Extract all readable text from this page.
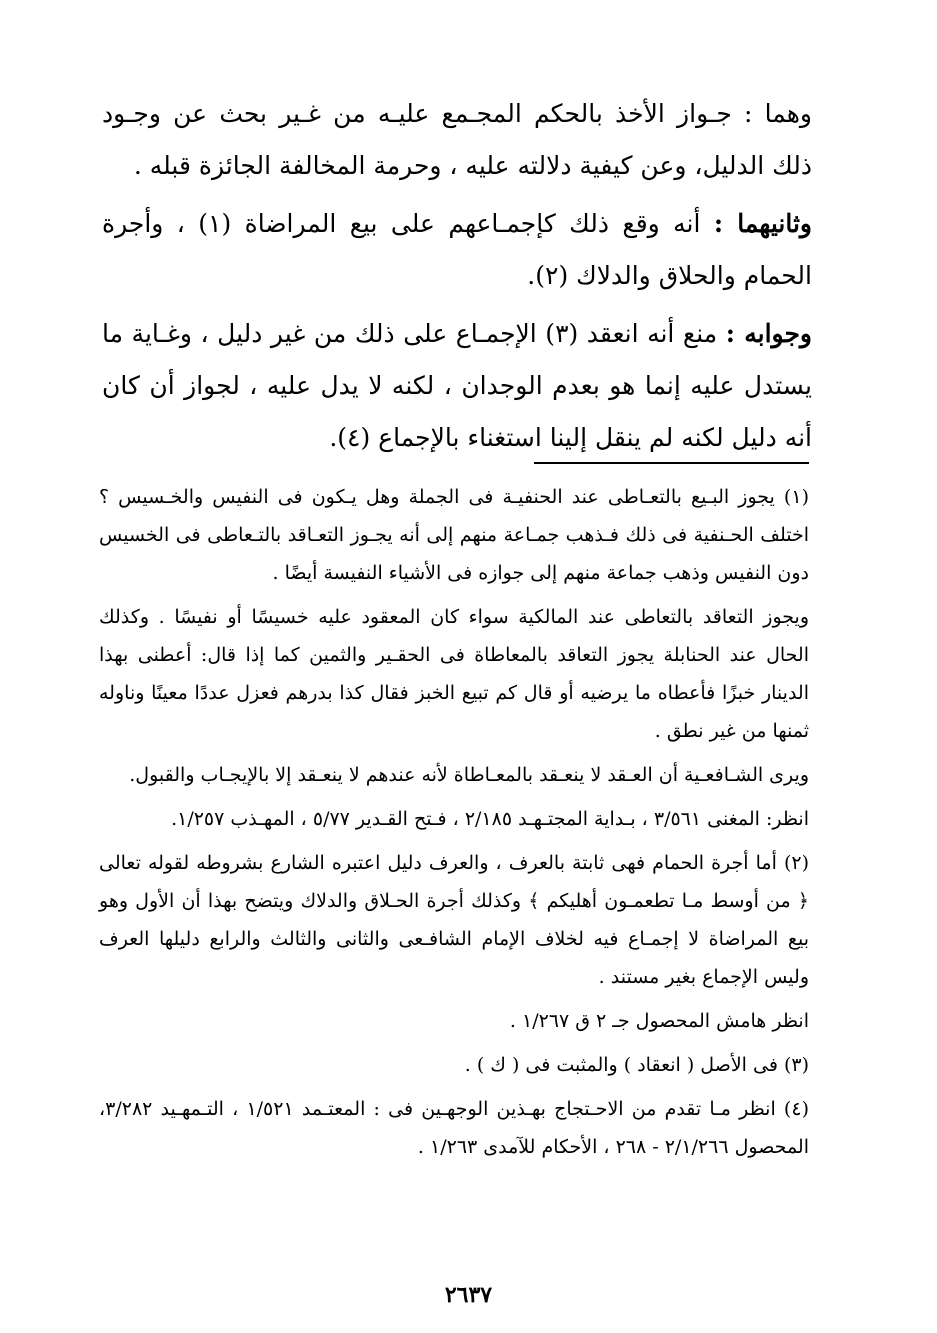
وهما : جـواز الأخذ بالحكم المجـمع عليـه من غـير بحث عن وجـود ذلك الدليل، وعن كيفية دلالته عليه ، وحرمة المخالفة الجائزة قبله .

وثانيهما : أنه وقع ذلك كإجمـاعهم على بيع المراضاة (١) ، وأجرة الحمام والحلاق والدلاك (٢).

وجوابه : منع أنه انعقد (٣) الإجمـاع على ذلك من غير دليل ، وغـاية ما يستدل عليه إنما هو بعدم الوجدان ، لكنه لا يدل عليه ، لجواز أن كان أنه دليل لكنه لم ينقل إلينا استغناء بالإجماع (٤).

(١) يجوز البـيع بالتعـاطى عند الحنفيـة فى الجملة وهل يـكون فى النفيس والخـسيس ؟ اختلف الحـنفية فى ذلك فـذهب جمـاعة منهم إلى أنه يجـوز التعـاقد بالتـعاطى فى الخسيس دون النفيس وذهب جماعة منهم إلى جوازه فى الأشياء النفيسة أيضًا .

ويجوز التعاقد بالتعاطى عند المالكية سواء كان المعقود عليه خسيسًا أو نفيسًا . وكذلك الحال عند الحنابلة يجوز التعاقد بالمعاطاة فى الحقـير والثمين كما إذا قال: أعطنى بهذا الدينار خبزًا فأعطاه ما يرضيه أو قال كم تبيع الخبز فقال كذا بدرهم فعزل عددًا معينًا وناوله ثمنها من غير نطق .

ويرى الشـافعـية أن العـقد لا ينعـقد بالمعـاطاة لأنه عندهم لا ينعـقد إلا بالإيجـاب والقبول.

انظر: المغنى ٣/٥٦١ ، بـداية المجتـهـد ٢/١٨٥ ، فـتح القـدير ٥/٧٧ ، المهـذب ١/٢٥٧.

(٢) أما أجرة الحمام فهى ثابتة بالعرف ، والعرف دليل اعتبره الشارع بشروطه لقوله تعالى ﴿ من أوسط مـا تطعمـون أهليكم ﴾ وكذلك أجرة الحـلاق والدلاك ويتضح بهذا أن الأول وهو بيع المراضاة لا إجمـاع فيه لخلاف الإمام الشافـعى والثانى والثالث والرابع دليلها العرف وليس الإجماع بغير مستند .

انظر هامش المحصول جـ ٢ ق ١/٢٦٧ .

(٣) فى الأصل ( انعقاد ) والمثبت فى ( ك ) .

(٤) انظر مـا تقدم من الاحـتجاج بهـذين الوجهـين فى : المعتـمد ١/٥٢١ ، التـمهـيد ٣/٢٨٢، المحصول ٢/١/٢٦٦ - ٢٦٨ ، الأحكام للآمدى ١/٢٦٣ .

٢٦٣٧
